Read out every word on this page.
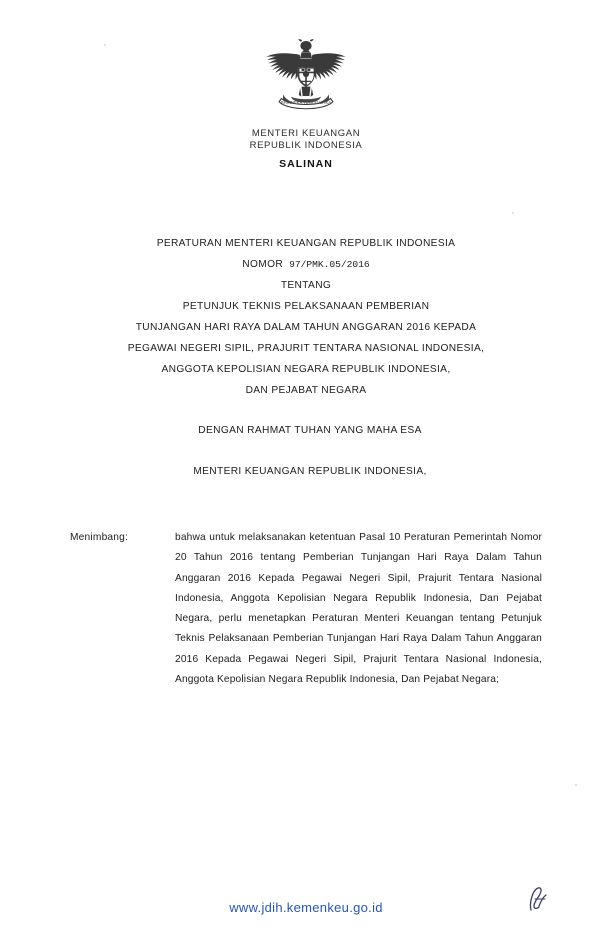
BHINNEKA TUNGGAL IKA
MENTERI KEUANGAN
REPUBLIK INDONESIA
SALINAN
PERATURAN MENTERI KEUANGAN REPUBLIK INDONESIA
NOMOR 97/PMK.05/2016
TENTANG
PETUNJUK TEKNIS PELAKSANAAN PEMBERIAN
TUNJANGAN HARI RAYA DALAM TAHUN ANGGARAN 2016 KEPADA
PEGAWAI NEGERI SIPIL, PRAJURIT TENTARA NASIONAL INDONESIA,
ANGGOTA KEPOLISIAN NEGARA REPUBLIK INDONESIA,
DAN PEJABAT NEGARA
DENGAN RAHMAT TUHAN YANG MAHA ESA
MENTERI KEUANGAN REPUBLIK INDONESIA,
Menimbang:	bahwa untuk melaksanakan ketentuan Pasal 10 Peraturan Pemerintah Nomor 20 Tahun 2016 tentang Pemberian Tunjangan Hari Raya Dalam Tahun Anggaran 2016 Kepada Pegawai Negeri Sipil, Prajurit Tentara Nasional Indonesia, Anggota Kepolisian Negara Republik Indonesia, Dan Pejabat Negara, perlu menetapkan Peraturan Menteri Keuangan tentang Petunjuk Teknis Pelaksanaan Pemberian Tunjangan Hari Raya Dalam Tahun Anggaran 2016 Kepada Pegawai Negeri Sipil, Prajurit Tentara Nasional Indonesia, Anggota Kepolisian Negara Republik Indonesia, Dan Pejabat Negara;
www.jdih.kemenkeu.go.id
